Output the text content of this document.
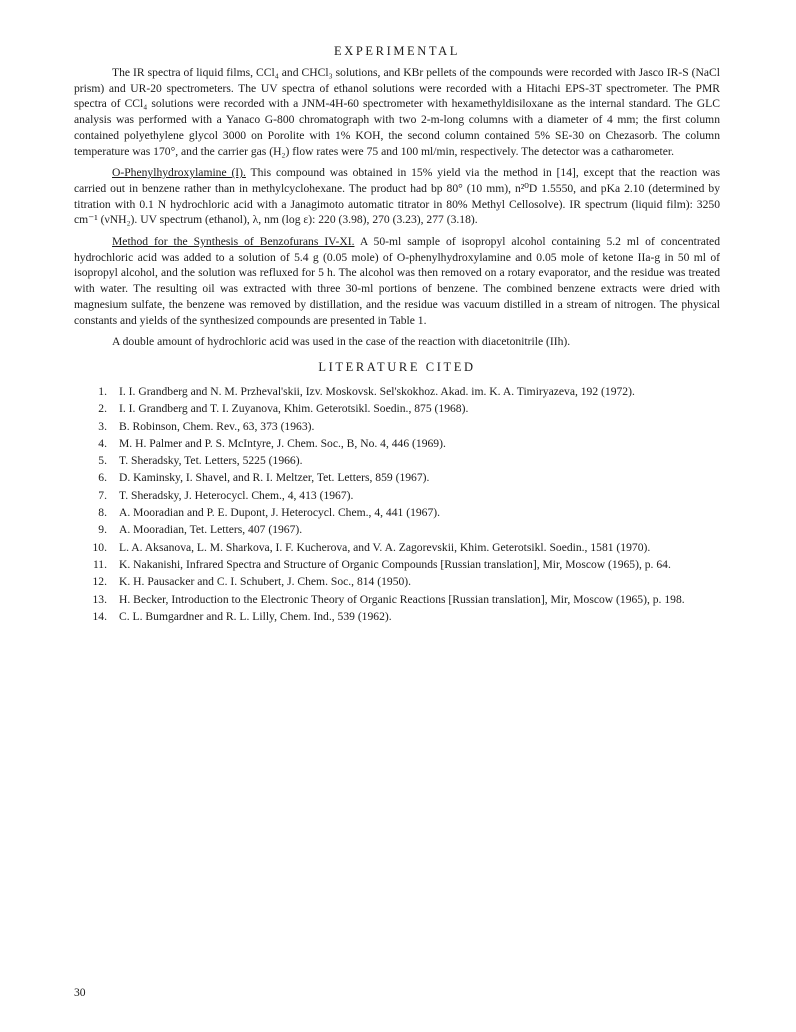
EXPERIMENTAL

The IR spectra of liquid films, CCl₄ and CHCl₃ solutions, and KBr pellets of the compounds were recorded with Jasco IR-S (NaCl prism) and UR-20 spectrometers. The UV spectra of ethanol solutions were recorded with a Hitachi EPS-3T spectrometer. The PMR spectra of CCl₄ solutions were recorded with a JNM-4H-60 spectrometer with hexamethyldisiloxane as the internal standard. The GLC analysis was performed with a Yanaco G-800 chromatograph with two 2-m-long columns with a diameter of 4 mm; the first column contained polyethylene glycol 3000 on Porolite with 1% KOH, the second column contained 5% SE-30 on Chezasorb. The column temperature was 170°, and the carrier gas (H₂) flow rates were 75 and 100 ml/min, respectively. The detector was a catharometer.

O-Phenylhydroxylamine (I). This compound was obtained in 15% yield via the method in [14], except that the reaction was carried out in benzene rather than in methylcyclohexane. The product had bp 80° (10 mm), n²⁰D 1.5550, and pKa 2.10 (determined by titration with 0.1 N hydrochloric acid with a Janagimoto automatic titrator in 80% Methyl Cellosolve). IR spectrum (liquid film): 3250 cm⁻¹ (νNH₂). UV spectrum (ethanol), λ, nm (log ε): 220 (3.98), 270 (3.23), 277 (3.18).

Method for the Synthesis of Benzofurans IV-XI. A 50-ml sample of isopropyl alcohol containing 5.2 ml of concentrated hydrochloric acid was added to a solution of 5.4 g (0.05 mole) of O-phenylhydroxylamine and 0.05 mole of ketone IIa-g in 50 ml of isopropyl alcohol, and the solution was refluxed for 5 h. The alcohol was then removed on a rotary evaporator, and the residue was treated with water. The resulting oil was extracted with three 30-ml portions of benzene. The combined benzene extracts were dried with magnesium sulfate, the benzene was removed by distillation, and the residue was vacuum distilled in a stream of nitrogen. The physical constants and yields of the synthesized compounds are presented in Table 1.

A double amount of hydrochloric acid was used in the case of the reaction with diacetonitrile (IIh).

LITERATURE CITED
1.	I. I. Grandberg and N. M. Przheval'skii, Izv. Moskovsk. Sel'skokhoz. Akad. im. K. A. Timiryazeva, 192 (1972).
2.	I. I. Grandberg and T. I. Zuyanova, Khim. Geterotsikl. Soedin., 875 (1968).
3.	B. Robinson, Chem. Rev., 63, 373 (1963).
4.	M. H. Palmer and P. S. McIntyre, J. Chem. Soc., B, No. 4, 446 (1969).
5.	T. Sheradsky, Tet. Letters, 5225 (1966).
6.	D. Kaminsky, I. Shavel, and R. I. Meltzer, Tet. Letters, 859 (1967).
7.	T. Sheradsky, J. Heterocycl. Chem., 4, 413 (1967).
8.	A. Mooradian and P. E. Dupont, J. Heterocycl. Chem., 4, 441 (1967).
9.	A. Mooradian, Tet. Letters, 407 (1967).
10.	L. A. Aksanova, L. M. Sharkova, I. F. Kucherova, and V. A. Zagorevskii, Khim. Geterotsikl. Soedin., 1581 (1970).
11.	K. Nakanishi, Infrared Spectra and Structure of Organic Compounds [Russian translation], Mir, Moscow (1965), p. 64.
12.	K. H. Pausacker and C. I. Schubert, J. Chem. Soc., 814 (1950).
13.	H. Becker, Introduction to the Electronic Theory of Organic Reactions [Russian translation], Mir, Moscow (1965), p. 198.
14.	C. L. Bumgardner and R. L. Lilly, Chem. Ind., 539 (1962).
30
